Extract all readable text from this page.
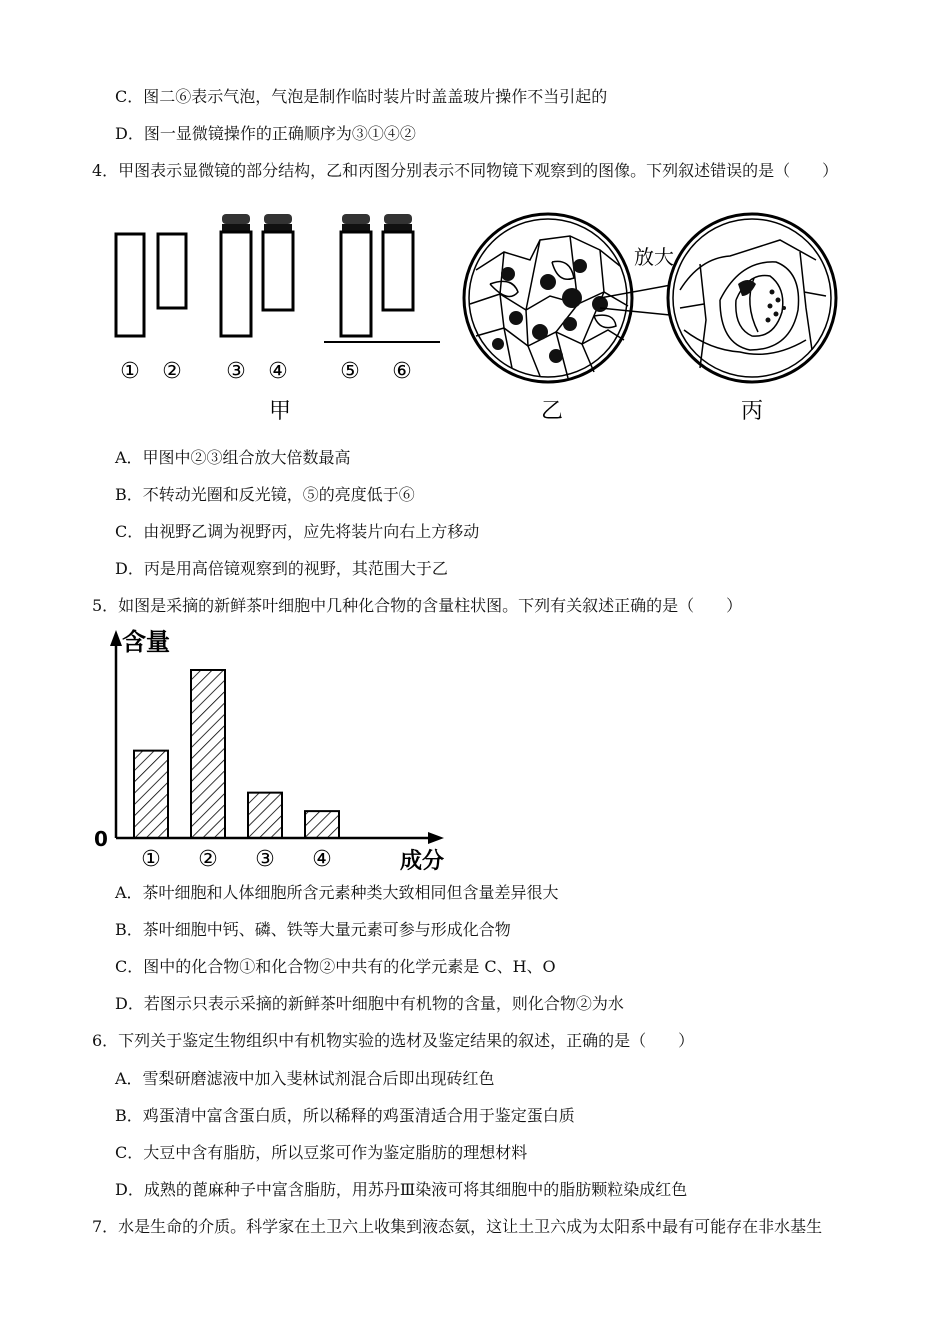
C．图二⑥表示气泡，气泡是制作临时装片时盖盖玻片操作不当引起的
D．图一显微镜操作的正确顺序为③①④②
4．甲图表示显微镜的部分结构，乙和丙图分别表示不同物镜下观察到的图像。下列叙述错误的是（　　）
① ② ③ ④ ⑤ ⑥
甲
放大
乙	丙
A．甲图中②③组合放大倍数最高
B．不转动光圈和反光镜，⑤的亮度低于⑥
C．由视野乙调为视野丙，应先将装片向右上方移动
D．丙是用高倍镜观察到的视野，其范围大于乙
5．如图是采摘的新鲜茶叶细胞中几种化合物的含量柱状图。下列有关叙述正确的是（　　）
含量
0
成分
① ② ③ ④
A．茶叶细胞和人体细胞所含元素种类大致相同但含量差异很大
B．茶叶细胞中钙、磷、铁等大量元素可参与形成化合物
C．图中的化合物①和化合物②中共有的化学元素是 C、H、O
D．若图示只表示采摘的新鲜茶叶细胞中有机物的含量，则化合物②为水
6．下列关于鉴定生物组织中有机物实验的选材及鉴定结果的叙述，正确的是（　　）
A．雪梨研磨滤液中加入斐林试剂混合后即出现砖红色
B．鸡蛋清中富含蛋白质，所以稀释的鸡蛋清适合用于鉴定蛋白质
C．大豆中含有脂肪，所以豆浆可作为鉴定脂肪的理想材料
D．成熟的蓖麻种子中富含脂肪，用苏丹Ⅲ染液可将其细胞中的脂肪颗粒染成红色
7．水是生命的介质。科学家在土卫六上收集到液态氨，这让土卫六成为太阳系中最有可能存在非水基生
